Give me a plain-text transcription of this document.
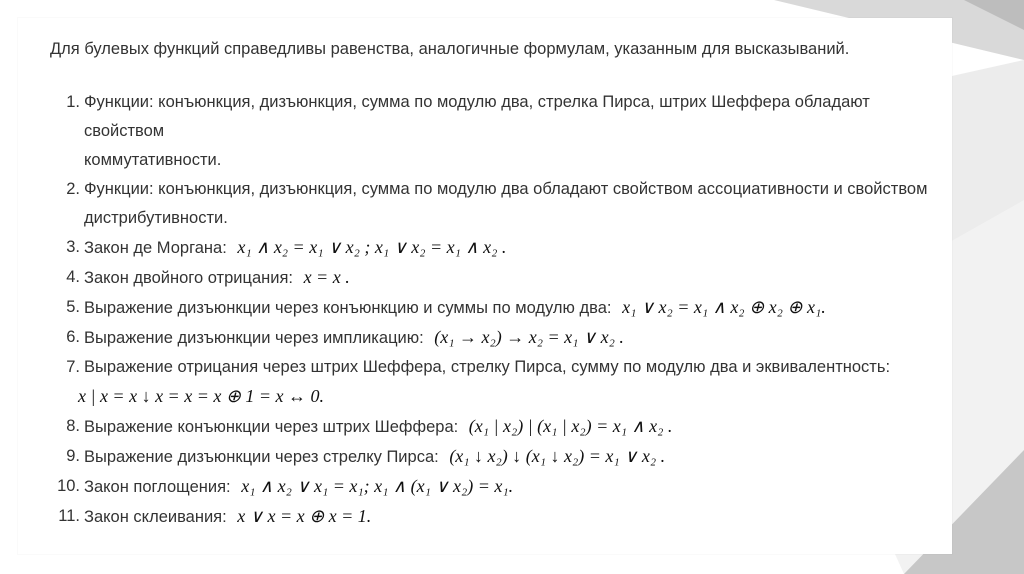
Для булевых функций справедливы равенства, аналогичные формулам, указанным для высказываний.

1. Функции: конъюнкция, дизъюнкция, сумма по модулю два, стрелка Пирса, штрих Шеффера обладают свойством
коммутативности.
2. Функции: конъюнкция, дизъюнкция, сумма по модулю два обладают свойством ассоциативности и свойством
дистрибутивности.
3. Закон де Моргана: x₁ ∧ x₂ = x₁ ∨ x₂ ; x₁ ∨ x₂ = x₁ ∧ x₂ .
4. Закон двойного отрицания: x = x .
5. Выражение дизъюнкции через конъюнкцию и суммы по модулю два: x₁ ∨ x₂ = x₁ ∧ x₂ ⊕ x₂ ⊕ x₁.
6. Выражение дизъюнкции через импликацию: (x₁ → x₂) → x₂ = x₁ ∨ x₂ .
7. Выражение отрицания через штрих Шеффера, стрелку Пирса, сумму по модулю два и эквивалентность:
x | x = x ↓ x = x = x ⊕ 1 = x ↔ 0.
8. Выражение конъюнкции через штрих Шеффера: (x₁ | x₂) | (x₁ | x₂) = x₁ ∧ x₂ .
9. Выражение дизъюнкции через стрелку Пирса: (x₁ ↓ x₂) ↓ (x₁ ↓ x₂) = x₁ ∨ x₂ .
10. Закон поглощения: x₁ ∧ x₂ ∨ x₁ = x₁; x₁ ∧ (x₁ ∨ x₂) = x₁.
11. Закон склеивания: x ∨ x = x ⊕ x = 1.
